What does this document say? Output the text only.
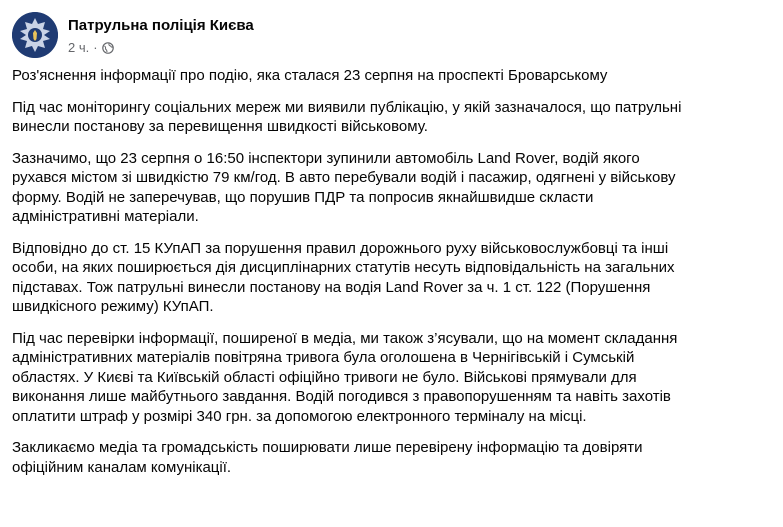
Патрульна поліція Києва
2 ч. ·

Роз'яснення інформації про подію, яка сталася 23 серпня на проспекті Броварському

Під час моніторингу соціальних мереж ми виявили публікацію, у якій зазначалося, що патрульні
винесли постанову за перевищення швидкості військовому.

Зазначимо, що 23 серпня о 16:50 інспектори зупинили автомобіль Land Rover, водій якого
рухався містом зі швидкістю 79 км/год. В авто перебували водій і пасажир, одягнені у військову
форму. Водій не заперечував, що порушив ПДР та попросив якнайшвидше скласти
адміністративні матеріали.

Відповідно до ст. 15 КУпАП за порушення правил дорожнього руху військовослужбовці та інші
особи, на яких поширюється дія дисциплінарних статутів несуть відповідальність на загальних
підставах. Тож патрульні винесли постанову на водія Land Rover за ч. 1 ст. 122 (Порушення
швидкісного режиму) КУпАП.

Під час перевірки інформації, поширеної в медіа, ми також з’ясували, що на момент складання
адміністративних матеріалів повітряна тривога була оголошена в Чернігівській і Сумській
областях. У Києві та Київській області офіційно тривоги не було. Військові прямували для
виконання лише майбутнього завдання. Водій погодився з правопорушенням та навіть захотів
оплатити штраф у розмірі 340 грн. за допомогою електронного терміналу на місці.

Закликаємо медіа та громадськість поширювати лише перевірену інформацію та довіряти
офіційним каналам комунікації.
